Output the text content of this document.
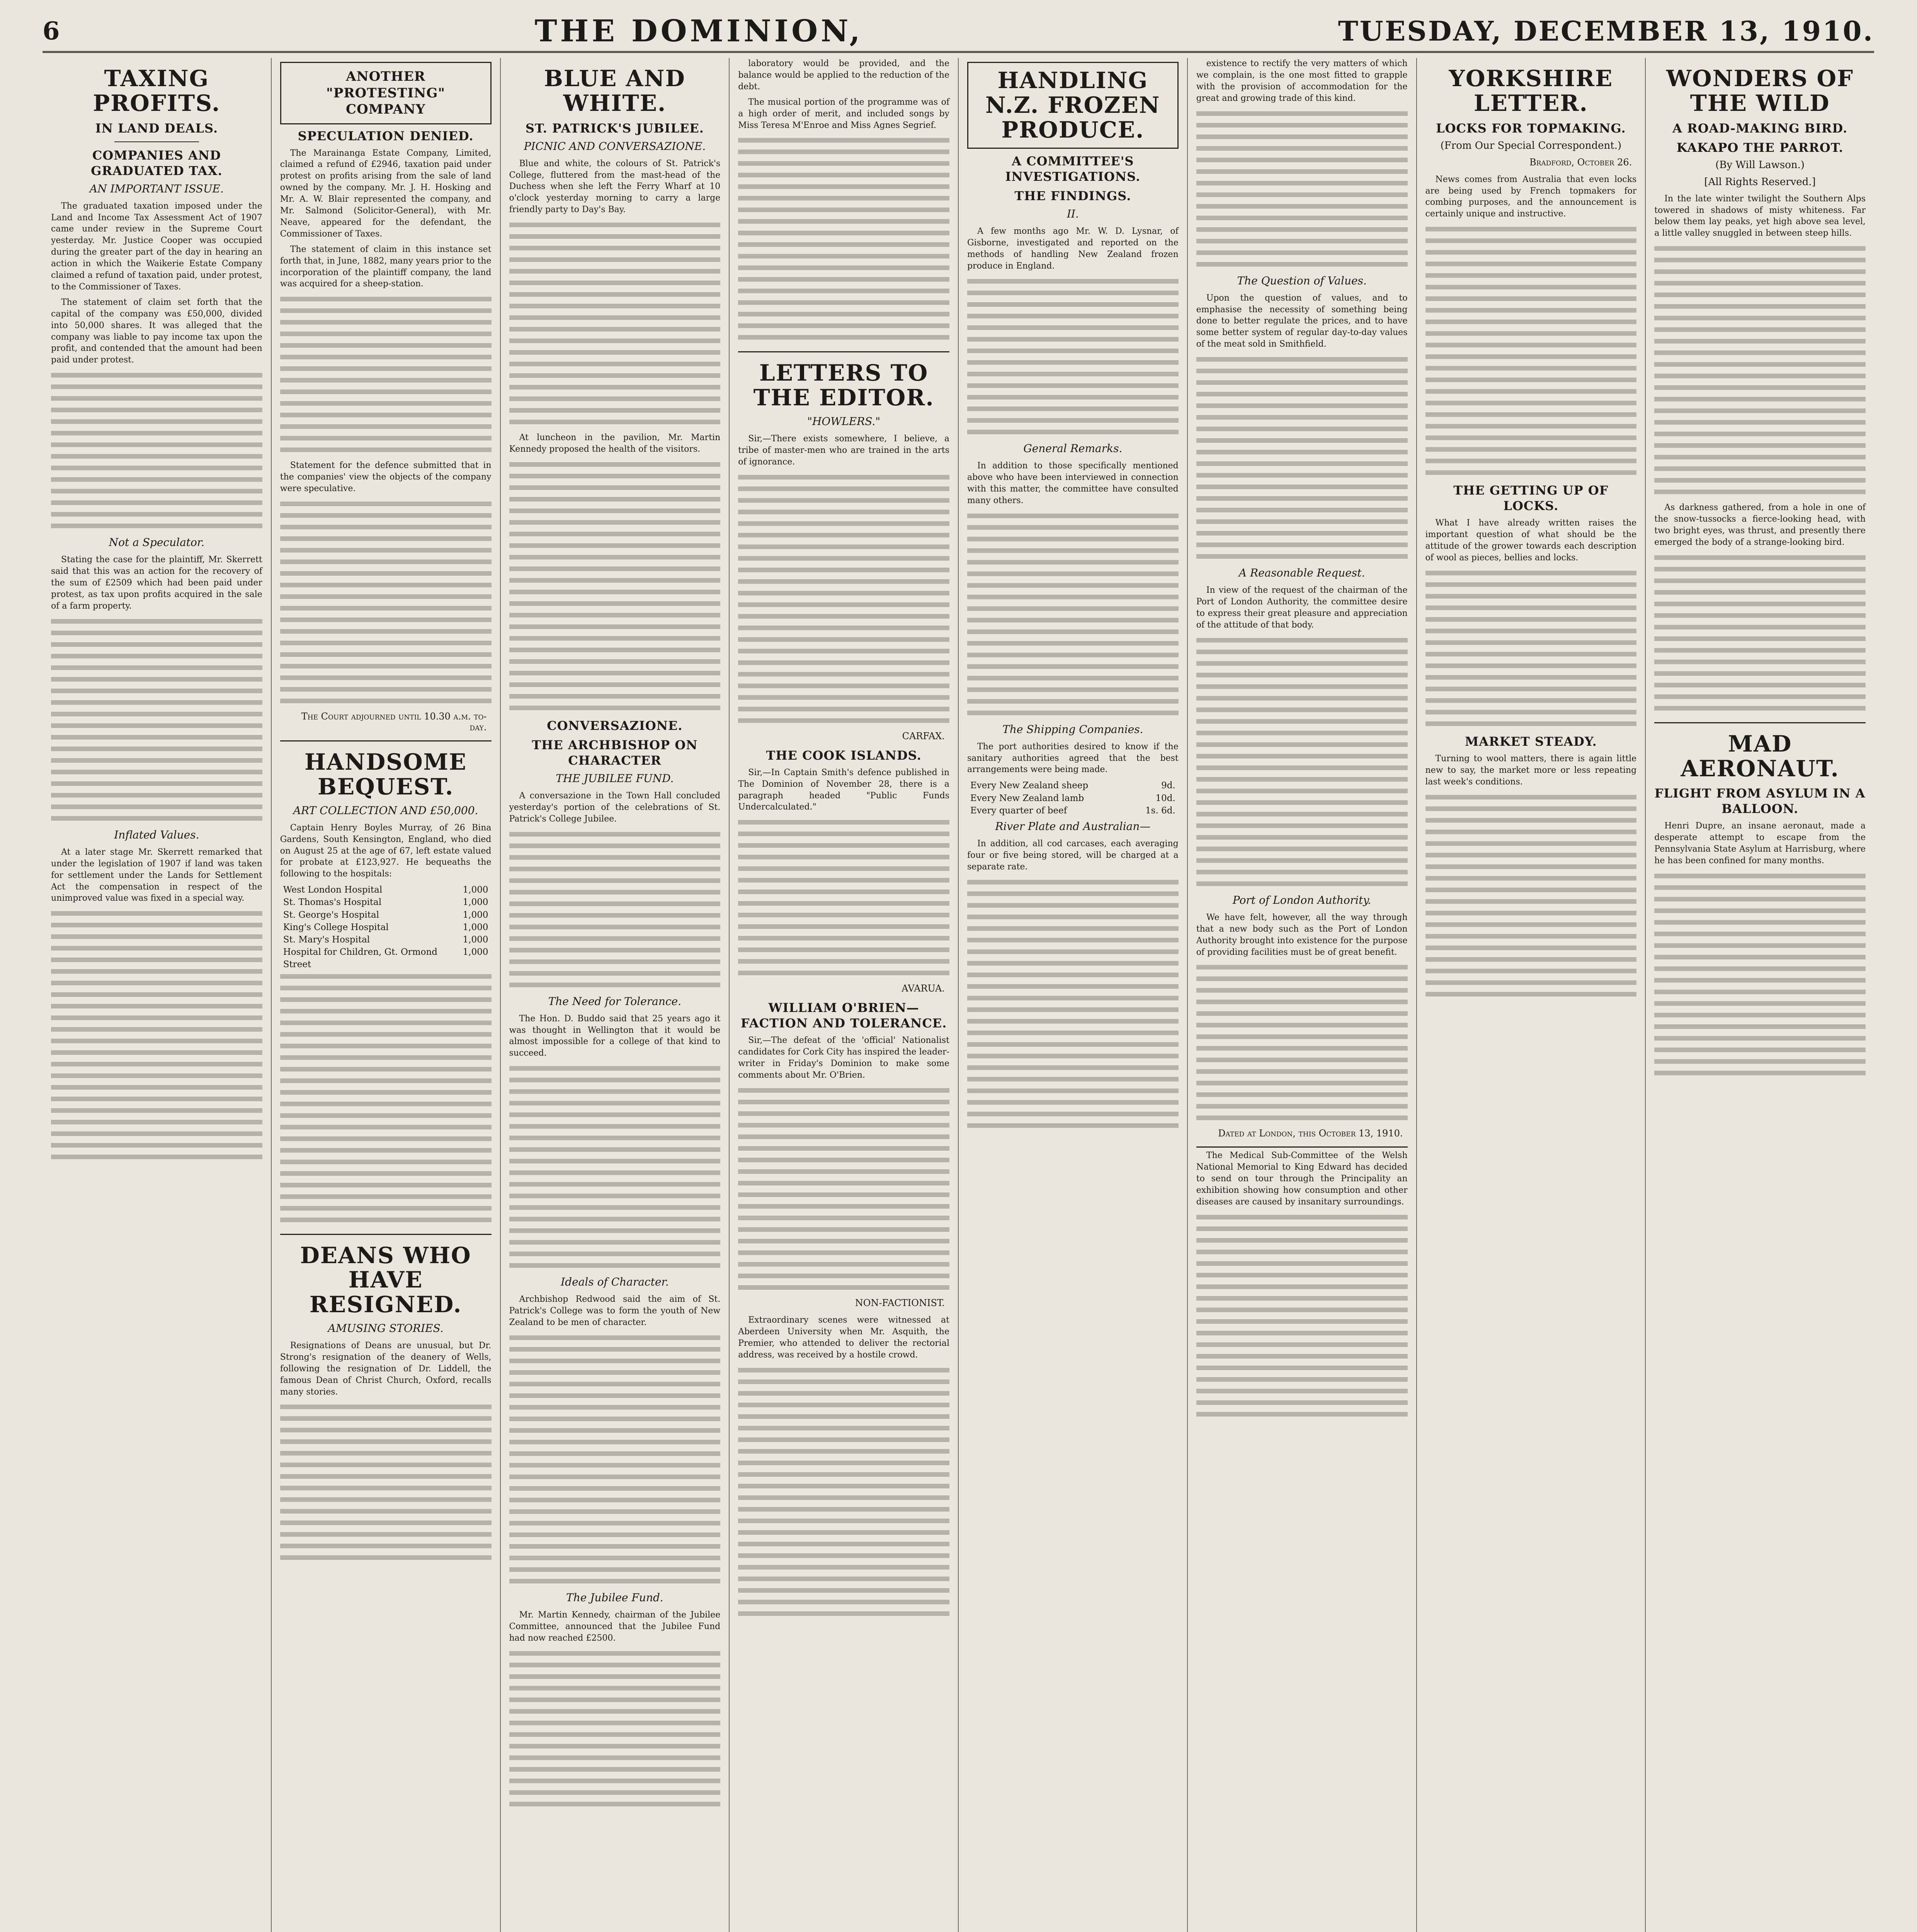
6	THE DOMINION,	TUESDAY, DECEMBER 13, 1910.
TAXING PROFITS.
IN LAND DEALS.
COMPANIES AND GRADUATED TAX.
AN IMPORTANT ISSUE.

The graduated taxation imposed under the Land and Income Tax Assessment Act of 1907 came under review in the Supreme Court yesterday. Mr. Justice Cooper was occupied during the greater part of the day in hearing an action in which the Waikerie Estate Company claimed a refund of taxation paid, under protest, to the Commissioner of Taxes.

The statement of claim set forth that the capital of the company was £50,000, divided into 50,000 shares. It was alleged that the company was liable to pay income tax upon the profit, and contended that the amount had been paid under protest.

Not a Speculator.

Stating the case for the plaintiff, Mr. Skerrett said that this was an action for the recovery of the sum of £2509 which had been paid under protest, as tax upon profits acquired in the sale of a farm property.

Inflated Values.

At a later stage Mr. Skerrett remarked that under the legislation of 1907 if land was taken for settlement under the Lands for Settlement Act the compensation in respect of the unimproved value was fixed in a special way.

ANOTHER "PROTESTING" COMPANY
SPECULATION DENIED.

The Marainanga Estate Company, Limited, claimed a refund of £2946, taxation paid under protest on profits arising from the sale of land owned by the company. Mr. J. H. Hosking and Mr. A. W. Blair represented the company, and Mr. Salmond (Solicitor-General), with Mr. Neave, appeared for the defendant, the Commissioner of Taxes.

The statement of claim in this instance set forth that, in June, 1882, many years prior to the incorporation of the plaintiff company, the land was acquired for a sheep-station.

Statement for the defence submitted that in the companies' view the objects of the company were speculative.

The Court adjourned until 10.30 a.m. to-day.
HANDSOME BEQUEST.
ART COLLECTION AND £50,000.

Captain Henry Boyles Murray, of 26 Bina Gardens, South Kensington, England, who died on August 25 at the age of 67, left estate valued for probate at £123,927. He bequeaths the following to the hospitals:

West London Hospital	1,000
St. Thomas's Hospital	1,000
St. George's Hospital	1,000
King's College Hospital	1,000
St. Mary's Hospital	1,000
Hospital for Children, Gt. Ormond Street
1,000

DEANS WHO HAVE RESIGNED.
AMUSING STORIES.

Resignations of Deans are unusual, but Dr. Strong's resignation of the deanery of Wells, following the resignation of Dr. Liddell, the famous Dean of Christ Church, Oxford, recalls many stories.

BLUE AND WHITE.
ST. PATRICK'S JUBILEE.
PICNIC AND CONVERSAZIONE.

Blue and white, the colours of St. Patrick's College, fluttered from the mast-head of the Duchess when she left the Ferry Wharf at 10 o'clock yesterday morning to carry a large friendly party to Day's Bay.

At luncheon in the pavilion, Mr. Martin Kennedy proposed the health of the visitors.

CONVERSAZIONE.
THE ARCHBISHOP ON CHARACTER
THE JUBILEE FUND.

A conversazione in the Town Hall concluded yesterday's portion of the celebrations of St. Patrick's College Jubilee.

The Need for Tolerance.

The Hon. D. Buddo said that 25 years ago it was thought in Wellington that it would be almost impossible for a college of that kind to succeed.

Ideals of Character.

Archbishop Redwood said the aim of St. Patrick's College was to form the youth of New Zealand to be men of character.

The Jubilee Fund.

Mr. Martin Kennedy, chairman of the Jubilee Committee, announced that the Jubilee Fund had now reached £2500.

laboratory would be provided, and the balance would be applied to the reduction of the debt.

The musical portion of the programme was of a high order of merit, and included songs by Miss Teresa M'Enroe and Miss Agnes Segrief.

LETTERS TO THE EDITOR.
"HOWLERS."

Sir,—There exists somewhere, I believe, a tribe of master-men who are trained in the arts of ignorance.

CARFAX.
THE COOK ISLANDS.

Sir,—In Captain Smith's defence published in The Dominion of November 28, there is a paragraph headed "Public Funds Undercalculated."

AVARUA.
WILLIAM O'BRIEN—FACTION AND TOLERANCE.

Sir,—The defeat of the 'official' Nationalist candidates for Cork City has inspired the leader-writer in Friday's Dominion to make some comments about Mr. O'Brien.

NON-FACTIONIST.

Extraordinary scenes were witnessed at Aberdeen University when Mr. Asquith, the Premier, who attended to deliver the rectorial address, was received by a hostile crowd.

HANDLING N.Z. FROZEN PRODUCE.
A COMMITTEE'S INVESTIGATIONS.
THE FINDINGS.
II.

A few months ago Mr. W. D. Lysnar, of Gisborne, investigated and reported on the methods of handling New Zealand frozen produce in England.

General Remarks.

In addition to those specifically mentioned above who have been interviewed in connection with this matter, the committee have consulted many others.

The Shipping Companies.

The port authorities desired to know if the sanitary authorities agreed that the best arrangements were being made.

Every New Zealand sheep	9d.
Every New Zealand lamb	10d.
Every quarter of beef	1s. 6d.
River Plate and Australian—

In addition, all cod carcases, each averaging four or five being stored, will be charged at a separate rate.

existence to rectify the very matters of which we complain, is the one most fitted to grapple with the provision of accommodation for the great and growing trade of this kind.

The Question of Values.

Upon the question of values, and to emphasise the necessity of something being done to better regulate the prices, and to have some better system of regular day-to-day values of the meat sold in Smithfield.

A Reasonable Request.

In view of the request of the chairman of the Port of London Authority, the committee desire to express their great pleasure and appreciation of the attitude of that body.

Port of London Authority.

We have felt, however, all the way through that a new body such as the Port of London Authority brought into existence for the purpose of providing facilities must be of great benefit.

Dated at London, this October 13, 1910.

The Medical Sub-Committee of the Welsh National Memorial to King Edward has decided to send on tour through the Principality an exhibition showing how consumption and other diseases are caused by insanitary surroundings.

YORKSHIRE LETTER.
LOCKS FOR TOPMAKING.
(From Our Special Correspondent.)
Bradford, October 26.

News comes from Australia that even locks are being used by French topmakers for combing purposes, and the announcement is certainly unique and instructive.

THE GETTING UP OF LOCKS.

What I have already written raises the important question of what should be the attitude of the grower towards each description of wool as pieces, bellies and locks.

MARKET STEADY.

Turning to wool matters, there is again little new to say, the market more or less repeating last week's conditions.

WONDERS OF THE WILD
A ROAD-MAKING BIRD.
KAKAPO THE PARROT.
(By Will Lawson.)
[All Rights Reserved.]

In the late winter twilight the Southern Alps towered in shadows of misty whiteness. Far below them lay peaks, yet high above sea level, a little valley snuggled in between steep hills.

As darkness gathered, from a hole in one of the snow-tussocks a fierce-looking head, with two bright eyes, was thrust, and presently there emerged the body of a strange-looking bird.

MAD AERONAUT.
FLIGHT FROM ASYLUM IN A BALLOON.

Henri Dupre, an insane aeronaut, made a desperate attempt to escape from the Pennsylvania State Asylum at Harrisburg, where he has been confined for many months.
